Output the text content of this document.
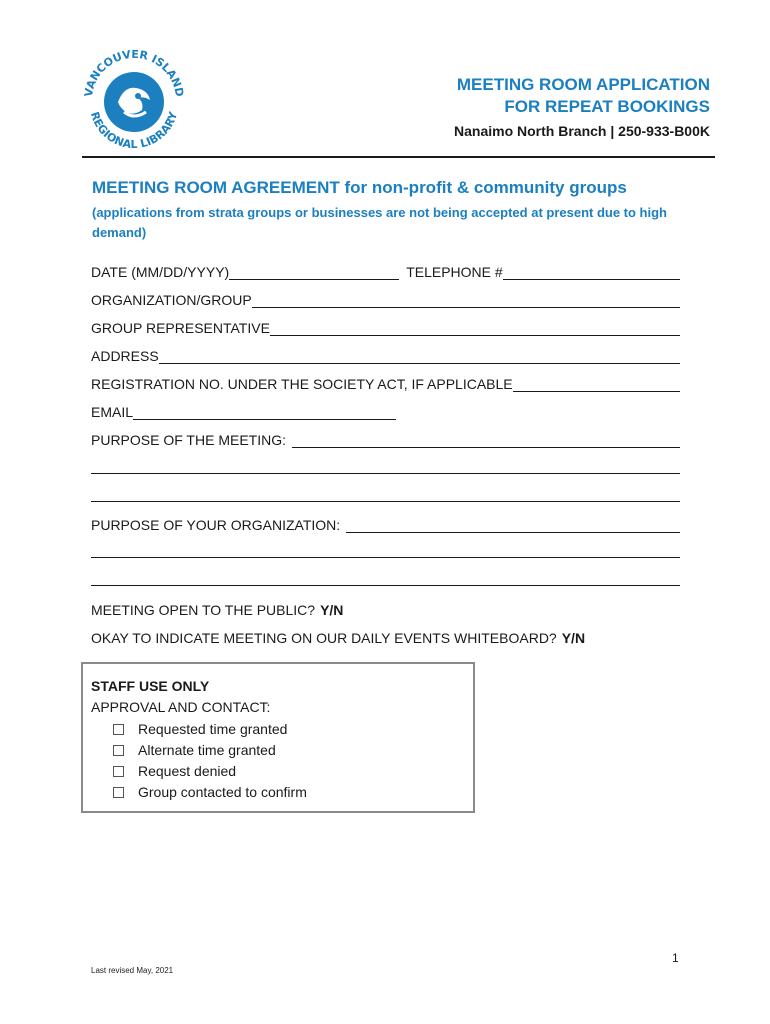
VANCOUVER ISLAND
REGIONAL LIBRARY
MEETING ROOM APPLICATION
FOR REPEAT BOOKINGS
Nanaimo North Branch | 250-933-B00K
MEETING ROOM AGREEMENT for non-profit & community groups
(applications from strata groups or businesses are not being accepted at present due to high demand)
DATE (MM/DD/YYYY)	TELEPHONE #
ORGANIZATION/GROUP
GROUP REPRESENTATIVE
ADDRESS
REGISTRATION NO. UNDER THE SOCIETY ACT, IF APPLICABLE
EMAIL
PURPOSE OF THE MEETING:
PURPOSE OF YOUR ORGANIZATION:
MEETING OPEN TO THE PUBLIC? Y/N
OKAY TO INDICATE MEETING ON OUR DAILY EVENTS WHITEBOARD? Y/N
STAFF USE ONLY
APPROVAL AND CONTACT:
Requested time granted
Alternate time granted
Request denied
Group contacted to confirm
1
Last revised May, 2021
